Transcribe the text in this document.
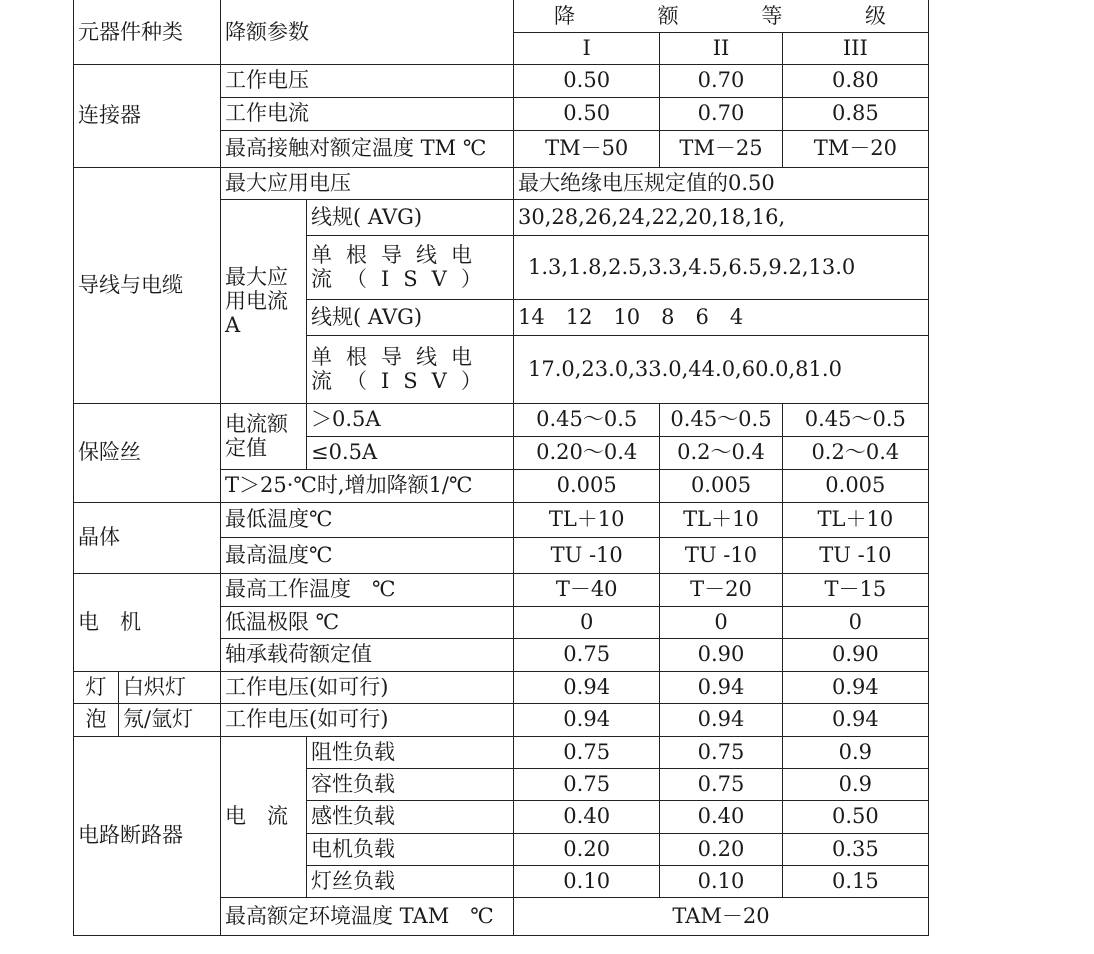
元器件种类		降额参数		降 额 等 级		
				I	II	III
连接器		工作电压		0.50	0.70	0.80
		工作电流		0.50	0.70	0.85
		最高接触对额定温度 TM ℃		TM－50	TM－25	TM－20
导线与电缆		最大应用电压		最大绝缘电压规定值的0.50		
		最大应用电流A	线规( AVG)	30,28,26,24,22,20,18,16,		
			单根导线电流（ISV）	1.3,1.8,2.5,3.3,4.5,6.5,9.2,13.0		
			线规( AVG)	14　12　10　8　6　4		
			单根导线电流（ISV）	17.0,23.0,33.0,44.0,60.0,81.0		
保险丝		电流额定值	＞0.5A	0.45～0.5	0.45～0.5	0.45～0.5
			≤0.5A	0.20～0.4	0.2～0.4	0.2～0.4
		T＞25·℃时,增加降额1/℃		0.005	0.005	0.005
晶体		最低温度℃		TL＋10	TL＋10	TL＋10
		最高温度℃		TU -10	TU -10	TU -10
电　机		最高工作温度　℃		T－40	T－20	T－15
		低温极限 ℃		0	0	0
		轴承载荷额定值		0.75	0.90	0.90
灯	白炽灯	工作电压(如可行)		0.94	0.94	0.94
泡	氖/氩灯	工作电压(如可行)		0.94	0.94	0.94
电路断路器		电　流	阻性负载	0.75	0.75	0.9
			容性负载	0.75	0.75	0.9
			感性负载	0.40	0.40	0.50
			电机负载	0.20	0.20	0.35
			灯丝负载	0.10	0.10	0.15
		最高额定环境温度 TAM　℃		TAM－20		
